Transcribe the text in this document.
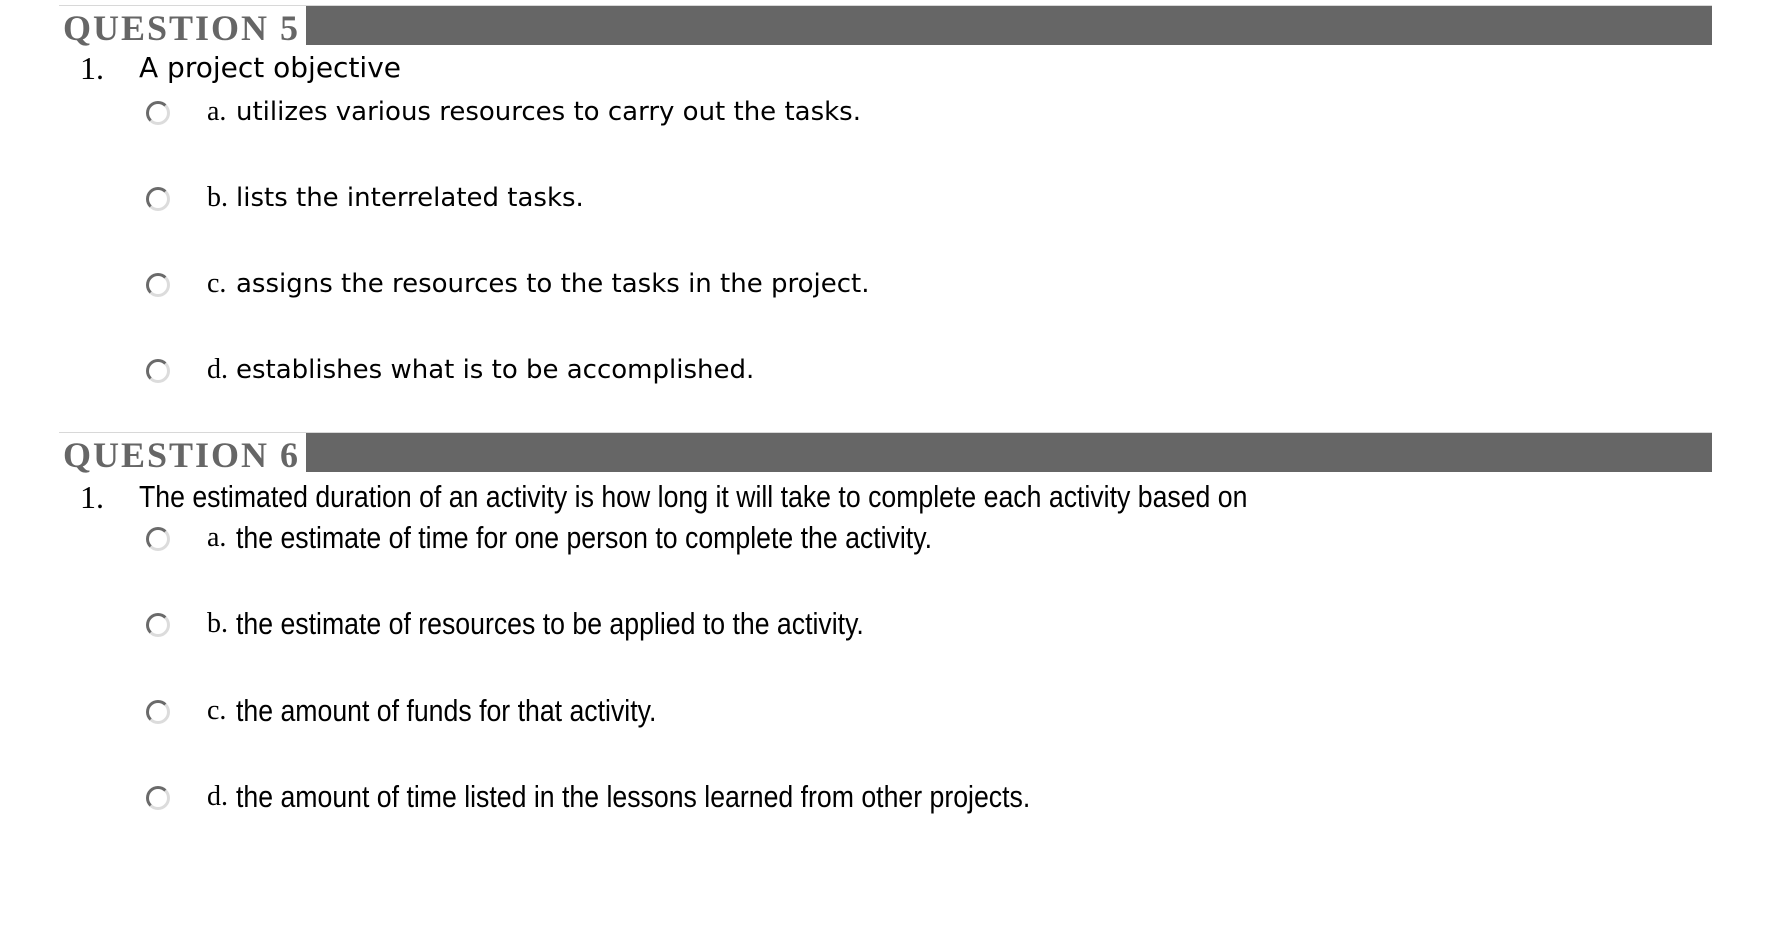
QUESTION 5
1. A project objective
a. utilizes various resources to carry out the tasks.
b. lists the interrelated tasks.
c. assigns the resources to the tasks in the project.
d. establishes what is to be accomplished.
QUESTION 6
1. The estimated duration of an activity is how long it will take to complete each activity based on
a. the estimate of time for one person to complete the activity.
b. the estimate of resources to be applied to the activity.
c. the amount of funds for that activity.
d. the amount of time listed in the lessons learned from other projects.
